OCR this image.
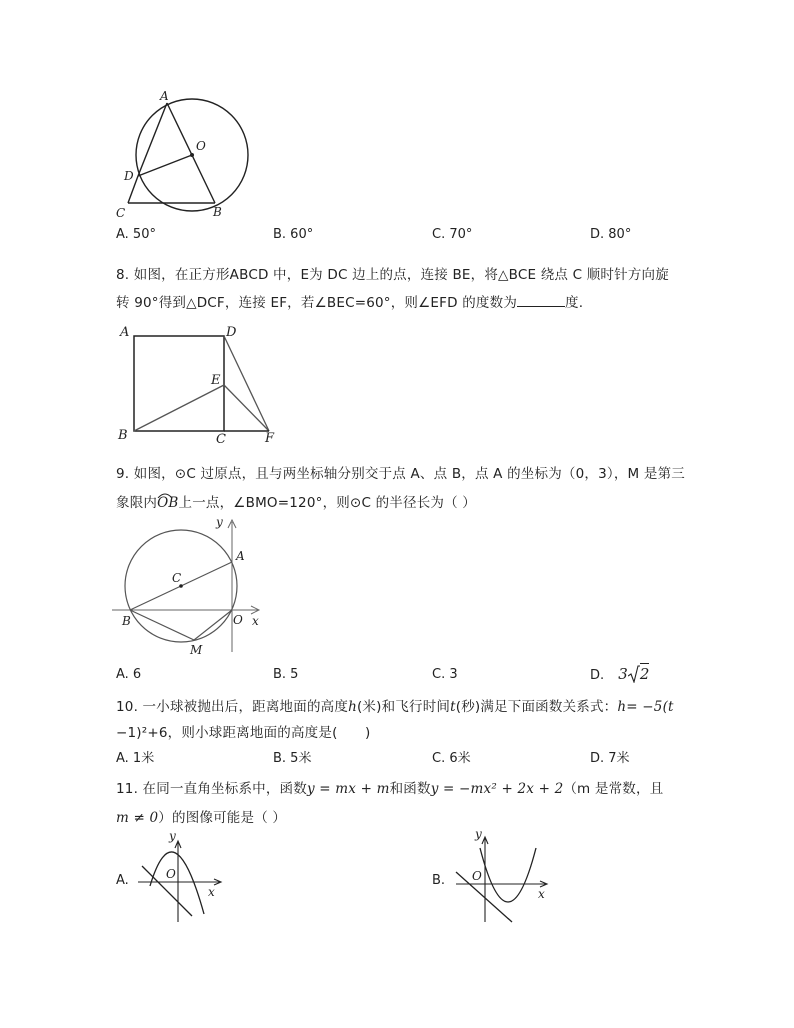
A
O
D
C	B
A. 50°	B. 60°	C. 70°	D. 80°
8. 如图，在正方形ABCD 中，E为 DC 边上的点，连接 BE，将△BCE 绕点 C 顺时针方向旋
转 90°得到△DCF，连接 EF，若∠BEC=60°，则∠EFD 的度数为	度.
A	D
E
B	C	F
9. 如图，⊙C 过原点，且与两坐标轴分别交于点 A、点 B，点 A 的坐标为（0，3），M 是第三
象限内
OB上一点，∠BMO=120°，则⊙C 的半径长为（ ）
y
A
C
B	O x
M
A. 6	B. 5	C. 3	D. 3 2
10. 一小球被抛出后，距离地面的高度h(米)和飞行时间t(秒)满足下面函数关系式：h= −5(t
−1)²+6，则小球距离地面的高度是(　　)
A. 1米	B. 5米	C. 6米	D. 7米
11. 在同一直角坐标系中，函数y = mx + m和函数y = −mx² + 2x + 2（m 是常数，且
m ≠ 0）的图像可能是（ ）
A.
y
O
x
B.
y
O
x
